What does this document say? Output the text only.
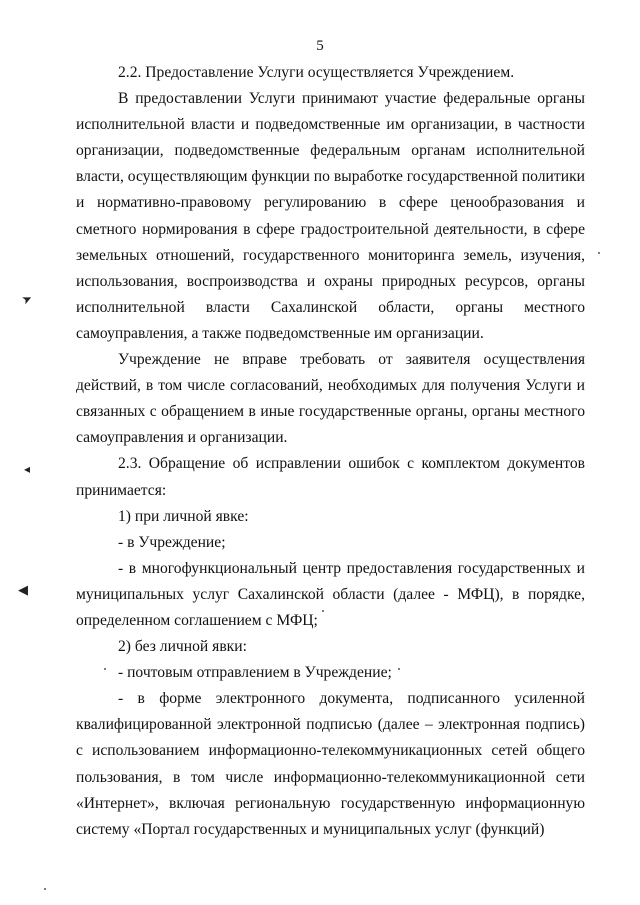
5

2.2. Предоставление Услуги осуществляется Учреждением.

В предоставлении Услуги принимают участие федеральные органы исполнительной власти и подведомственные им организации, в частности организации, подведомственные федеральным органам исполнительной власти, осуществляющим функции по выработке государственной политики и нормативно-правовому регулированию в сфере ценообразования и сметного нормирования в сфере градостроительной деятельности, в сфере земельных отношений, государственного мониторинга земель, изучения, использования, воспроизводства и охраны природных ресурсов, органы исполнительной власти Сахалинской области, органы местного самоуправления, а также подведомственные им организации.

Учреждение не вправе требовать от заявителя осуществления действий, в том числе согласований, необходимых для получения Услуги и связанных с обращением в иные государственные органы, органы местного самоуправления и организации.

2.3. Обращение об исправлении ошибок с комплектом документов принимается:

1) при личной явке:

- в Учреждение;

- в многофункциональный центр предоставления государственных и муниципальных услуг Сахалинской области (далее - МФЦ), в порядке, определенном соглашением с МФЦ;

2) без личной явки:

- почтовым отправлением в Учреждение;

- в форме электронного документа, подписанного усиленной квалифицированной электронной подписью (далее – электронная подпись) с использованием информационно-телекоммуникационных сетей общего пользования, в том числе информационно-телекоммуникационной сети «Интернет», включая региональную государственную информационную систему «Портал государственных и муниципальных услуг (функций)

➤
◂
◀
